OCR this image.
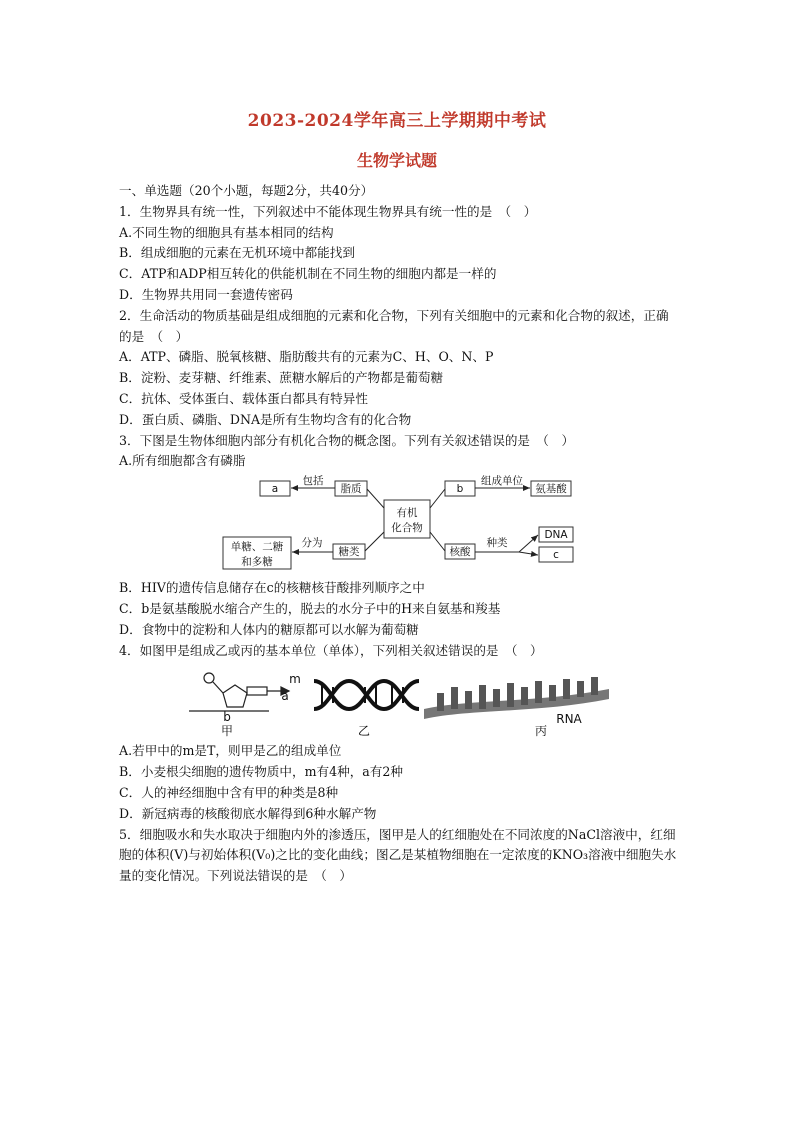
2023-2024学年高三上学期期中考试
生物学试题
一、单选题（20个小题，每题2分，共40分）
1．生物界具有统一性，下列叙述中不能体现生物界具有统一性的是　（　）
A.不同生物的细胞具有基本相同的结构
B．组成细胞的元素在无机环境中都能找到
C．ATP和ADP相互转化的供能机制在不同生物的细胞内都是一样的
D．生物界共用同一套遗传密码
2．生命活动的物质基础是组成细胞的元素和化合物，下列有关细胞中的元素和化合物的叙述，正确的是　（　）
A．ATP、磷脂、脱氧核糖、脂肪酸共有的元素为C、H、O、N、P
B．淀粉、麦芽糖、纤维素、蔗糖水解后的产物都是葡萄糖
C．抗体、受体蛋白、载体蛋白都具有特异性
D．蛋白质、磷脂、DNA是所有生物均含有的化合物
3．下图是生物体细胞内部分有机化合物的概念图。下列有关叙述错误的是　（　）
A.所有细胞都含有磷脂
有机
化合物
a	脂质	b	氨基酸
单糖、二糖
和多糖
糖类	核酸
DNA
c
包括	组成单位
分为	种类
B．HIV的遗传信息储存在c的核糖核苷酸排列顺序之中
C．b是氨基酸脱水缩合产生的，脱去的水分子中的H来自氨基和羧基
D．食物中的淀粉和人体内的糖原都可以水解为葡萄糖
4．如图甲是组成乙或丙的基本单位（单体），下列相关叙述错误的是　（　）
m
a
b
甲	乙
RNA
丙
A.若甲中的m是T，则甲是乙的组成单位
B．小麦根尖细胞的遗传物质中，m有4种，a有2种
C．人的神经细胞中含有甲的种类是8种
D．新冠病毒的核酸彻底水解得到6种水解产物
5．细胞吸水和失水取决于细胞内外的渗透压，图甲是人的红细胞处在不同浓度的NaCl溶液中，红细胞的体积(V)与初始体积(V₀)之比的变化曲线；图乙是某植物细胞在一定浓度的KNO₃溶液中细胞失水量的变化情况。下列说法错误的是　（　）
